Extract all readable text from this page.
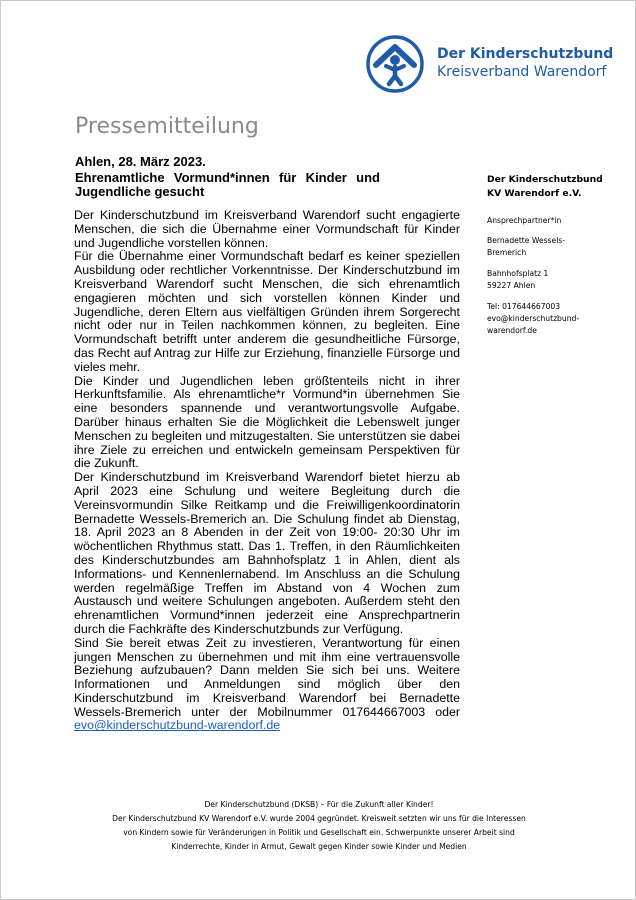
Der Kinderschutzbund
Kreisverband Warendorf
Pressemitteilung
Ahlen, 28. März 2023.
Ehrenamtliche Vormund*innen für Kinder und Jugendliche gesucht

Der Kinderschutzbund im Kreisverband Warendorf sucht engagierte Menschen, die sich die Übernahme einer Vormundschaft für Kinder und Jugendliche vorstellen können.

Für die Übernahme einer Vormundschaft bedarf es keiner speziellen Ausbildung oder rechtlicher Vorkenntnisse. Der Kinderschutzbund im Kreisverband Warendorf sucht Menschen, die sich ehrenamtlich engagieren möchten und sich vorstellen können Kinder und Jugendliche, deren Eltern aus vielfältigen Gründen ihrem Sorgerecht nicht oder nur in Teilen nachkommen können, zu begleiten. Eine Vormundschaft betrifft unter anderem die gesundheitliche Fürsorge, das Recht auf Antrag zur Hilfe zur Erziehung, finanzielle Fürsorge und vieles mehr.

Die Kinder und Jugendlichen leben größtenteils nicht in ihrer Herkunftsfamilie. Als ehrenamtliche*r Vormund*in übernehmen Sie eine besonders spannende und verantwortungsvolle Aufgabe. Darüber hinaus erhalten Sie die Möglichkeit die Lebenswelt junger Menschen zu begleiten und mitzugestalten. Sie unterstützen sie dabei ihre Ziele zu erreichen und entwickeln gemeinsam Perspektiven für die Zukunft.

Der Kinderschutzbund im Kreisverband Warendorf bietet hierzu ab April 2023 eine Schulung und weitere Begleitung durch die Vereinsvormundin Silke Reitkamp und die Freiwilligenkoordinatorin Bernadette Wessels-Bremerich an. Die Schulung findet ab Dienstag, 18. April 2023 an 8 Abenden in der Zeit von 19:00- 20:30 Uhr im wöchentlichen Rhythmus statt. Das 1. Treffen, in den Räumlichkeiten des Kinderschutzbundes am Bahnhofsplatz 1 in Ahlen, dient als Informations- und Kennenlernabend. Im Anschluss an die Schulung werden regelmäßige Treffen im Abstand von 4 Wochen zum Austausch und weitere Schulungen angeboten. Außerdem steht den ehrenamtlichen Vormund*innen jederzeit eine Ansprechpartnerin durch die Fachkräfte des Kinderschutzbunds zur Verfügung.

Sind Sie bereit etwas Zeit zu investieren, Verantwortung für einen jungen Menschen zu übernehmen und mit ihm eine vertrauensvolle Beziehung aufzubauen? Dann melden Sie sich bei uns. Weitere Informationen und Anmeldungen sind möglich über den Kinderschutzbund im Kreisverband Warendorf bei Bernadette Wessels-Bremerich unter der Mobilnummer 017644667003 oder evo@kinderschutzbund-warendorf.de

Der Kinderschutzbund
KV Warendorf e.V.
Ansprechpartner*in
Bernadette Wessels-
Bremerich
Bahnhofsplatz 1
59227 Ahlen
Tel: 017644667003
evo@kinderschutzbund-
warendorf.de
Der Kinderschutzbund (DKSB) – Für die Zukunft aller Kinder!
Der Kinderschutzbund KV Warendorf e.V. wurde 2004 gegründet. Kreisweit setzten wir uns für die Interessen
von Kindern sowie für Veränderungen in Politik und Gesellschaft ein. Schwerpunkte unserer Arbeit sind
Kinderrechte, Kinder in Armut, Gewalt gegen Kinder sowie Kinder und Medien
